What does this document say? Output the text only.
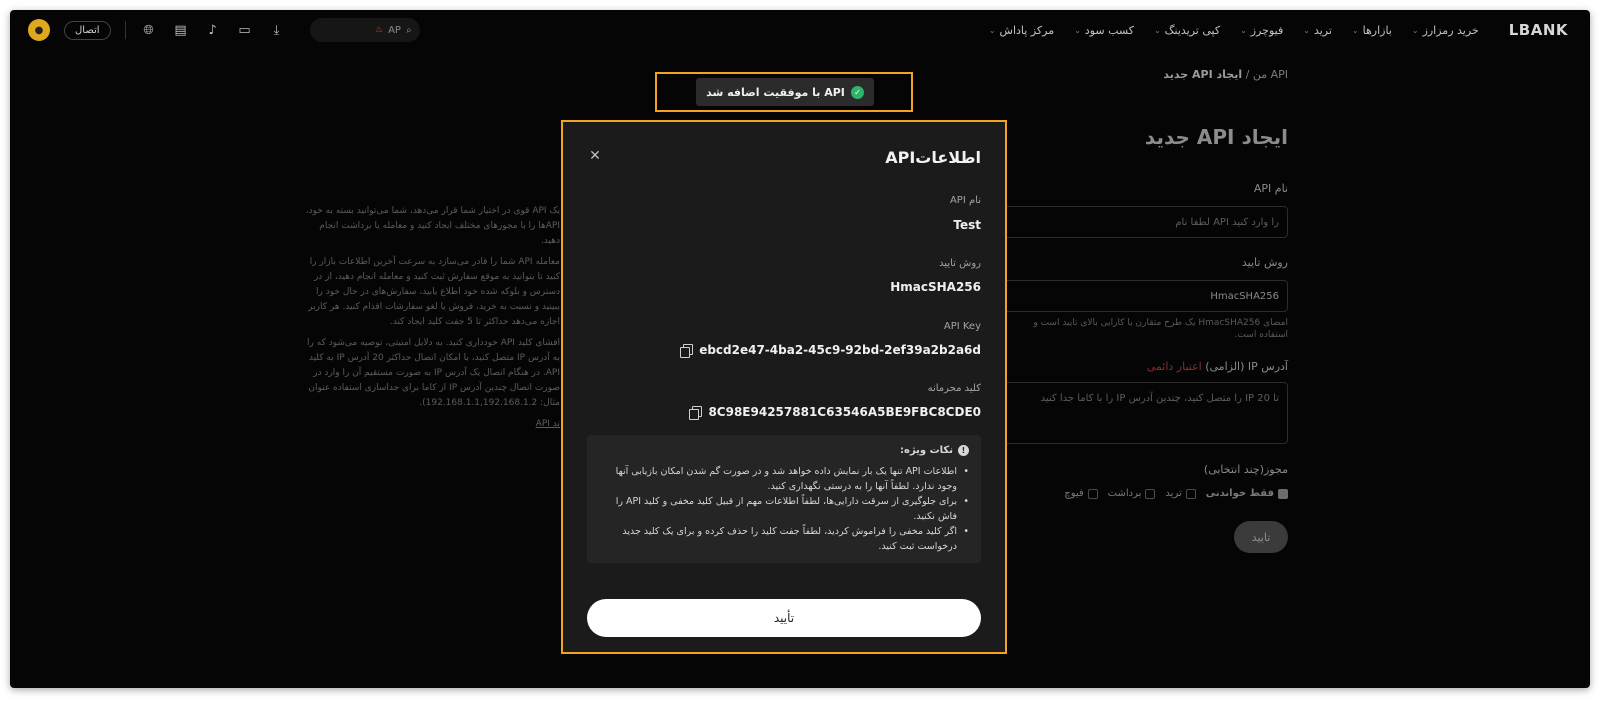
LBANK
خرید رمزارز
⌄
بازارها
⌄
ترید
⌄
فیوچرز
⌄
کپی تریدینگ
⌄
کسب سود
⌄
مرکز پاداش
⌄
●	اتصال	🌐︎ ▤	♪	▭	⤓	♨ AP ⌕
API من / ایجاد API جدید
ایجاد API جدید
نام API
را وارد کنید API لطفا نام
روش تایید
HmacSHA256
امضای HmacSHA256 یک طرح متقارن با کارایی بالای تایید است و
استفاده است.
آدرس IP (الزامی) اعتبار دائمی
تا 20 IP را متصل کنید، چندین آدرس IP را با کاما جدا کنید
مجوز(چند انتخابی)
فقط خواندنی
ترید
برداشت
فیوچ
تایید

یک API قوی در اختیار شما قرار می‌دهد، شما می‌توانید بسته به خود، APIها را با مجوزهای مختلف ایجاد کنید و معامله یا برداشت انجام دهید.

معامله API شما را قادر می‌سازد به سرعت آخرین اطلاعات بازار را کنید تا بتوانید به موقع سفارش ثبت کنید و معامله انجام دهید، از در دسترس و بلوکه شده خود اطلاع یابید، سفارش‌های در حال خود را ببینید و نسبت به خرید، فروش یا لغو سفارشات اقدام کنید. هر کاربر اجازه می‌دهد حداکثر تا 5 جفت کلید ایجاد کند.

افشای کلید API خودداری کنید. به دلایل امنیتی، توصیه می‌شود که را به آدرس IP متصل کنید، با امکان اتصال حداکثر 20 آدرس IP به کلید API. در هنگام اتصال یک آدرس IP به صورت مستقیم آن را وارد در صورت اتصال چندین آدرس IP از کاما برای جداسازی استفاده عنوان مثال: 192.168.1.1,192.168.1.2).

ند API
✓
API با موفقیت اضافه شد
اطلاعاتAPI
✕
نام API
Test
روش تایید
HmacSHA256
API Key
ebcd2e47-4ba2-45c9-92bd-2ef39a2b2a6d
کلید محرمانه
8C98E94257881C63546A5BE9FBC8CDE0
!
نکات ویژه:
• اطلاعات API تنها یک بار نمایش داده خواهد شد و در صورت گم شدن امکان بازیابی آنها وجود ندارد. لطفاً آنها را به درستی نگهداری کنید.
• برای جلوگیری از سرقت دارایی‌ها، لطفاً اطلاعات مهم از قبیل کلید مخفی و کلید API را فاش نکنید.
• اگر کلید مخفی را فراموش کردید، لطفاً جفت کلید را حذف کرده و برای یک کلید جدید درخواست ثبت کنید.
تأیید
